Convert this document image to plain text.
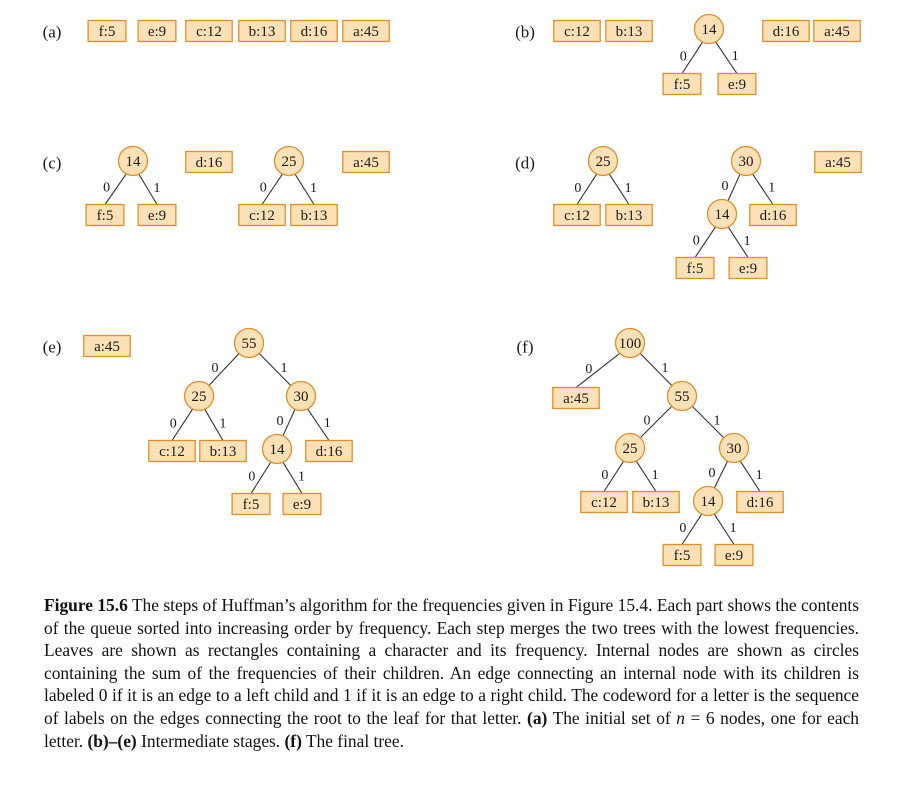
(a) f:5 e:9 c:12 b:13 d:16 a:45	(b) c:12 b:13
0
f:5
1
e:9
14	d:16 a:45
(c)
0
f:5
1
e:9
14	d:16
0
c:12
1
b:13
25	a:45	(d)
0
c:12
1
b:13
25
0
0
f:5
1
e:9
14
1
d:16
30	a:45
(e) a:45
0
0
c:12
1
b:13
25
1
0
0
f:5
1
e:9
14
1
d:16
30
55	(f)
0
a:45
1
0
0
c:12
1
b:13
25
1
0
0
f:5
1
e:9
14
1
d:16
30
55
100

Figure 15.6 The steps of Huffman’s algorithm for the frequencies given in Figure 15.4. Each part shows the contents of the queue sorted into increasing order by frequency. Each step merges the two trees with the lowest frequencies. Leaves are shown as rectangles containing a character and its frequency. Internal nodes are shown as circles containing the sum of the frequencies of their children. An edge connecting an internal node with its children is labeled 0 if it is an edge to a left child and 1 if it is an edge to a right child. The codeword for a letter is the sequence of labels on the edges connecting the root to the leaf for that letter. (a) The initial set of n = 6 nodes, one for each letter. (b)–(e) Intermediate stages. (f) The final tree.
